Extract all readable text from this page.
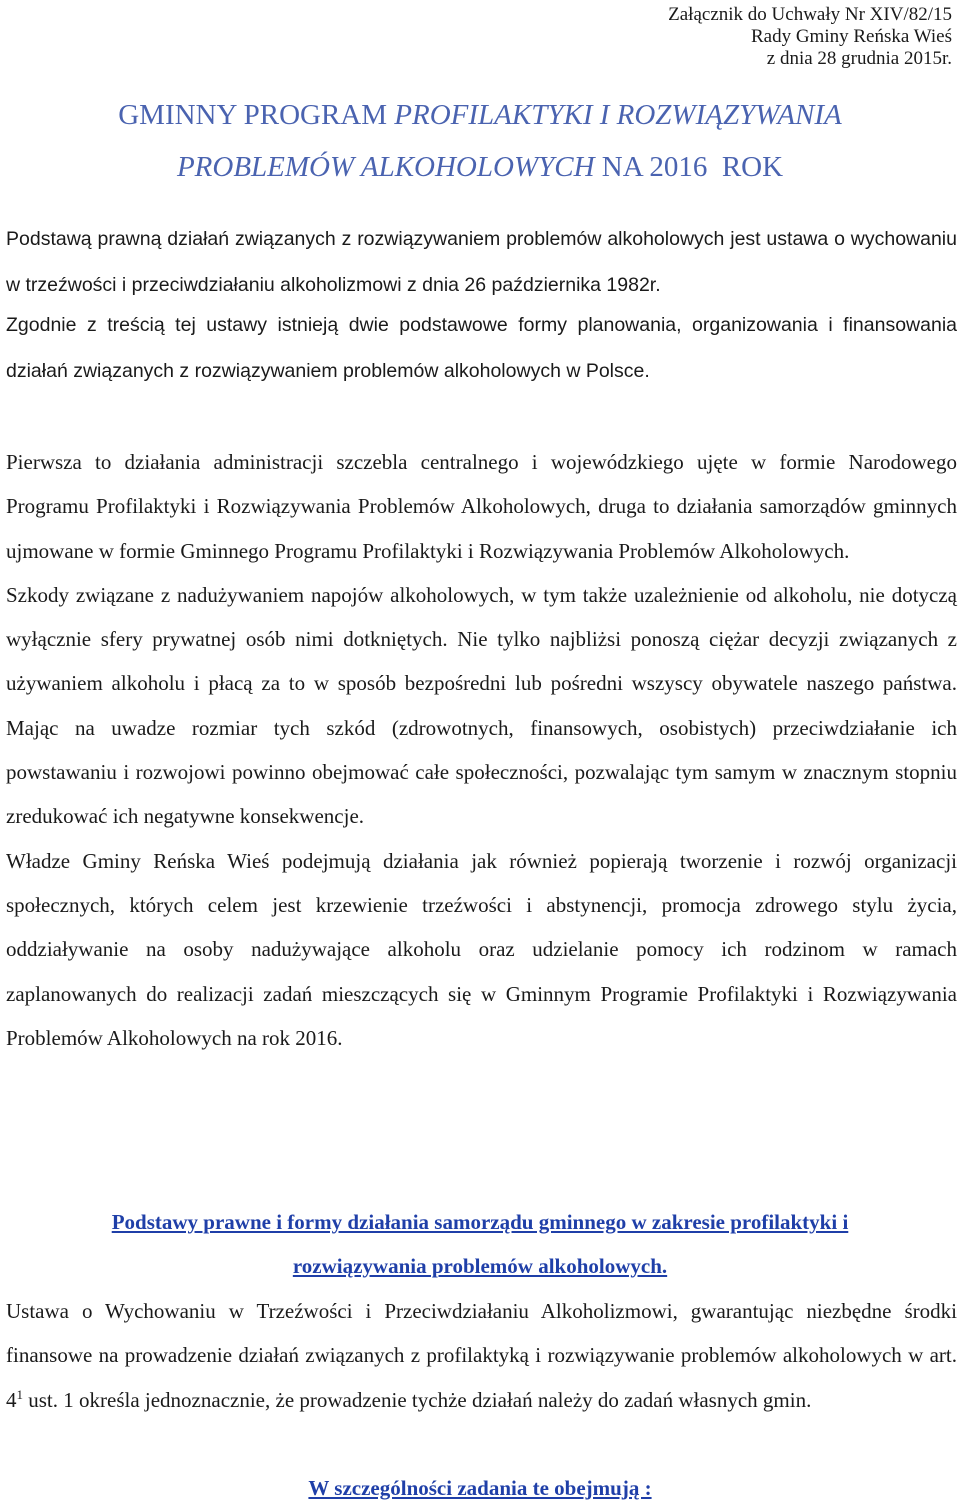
Załącznik do Uchwały Nr XIV/82/15
Rady Gminy Reńska Wieś
z dnia 28 grudnia 2015r.
GMINNY PROGRAM PROFILAKTYKI I ROZWIĄZYWANIA
PROBLEMÓW ALKOHOLOWYCH NA 2016  ROK

Podstawą prawną działań związanych z rozwiązywaniem problemów alkoholowych jest ustawa o wychowaniu w trzeźwości i przeciwdziałaniu alkoholizmowi z dnia 26 października 1982r.

Zgodnie z treścią tej ustawy istnieją dwie podstawowe formy planowania, organizowania i finansowania działań związanych z rozwiązywaniem problemów alkoholowych w Polsce.

Pierwsza to działania administracji szczebla centralnego i wojewódzkiego ujęte w formie Narodowego Programu Profilaktyki i Rozwiązywania Problemów Alkoholowych, druga to działania samorządów gminnych ujmowane w formie Gminnego Programu Profilaktyki i Rozwiązywania Problemów Alkoholowych.

Szkody związane z nadużywaniem napojów alkoholowych, w tym także uzależnienie od alkoholu, nie dotyczą wyłącznie sfery prywatnej osób nimi dotkniętych. Nie tylko najbliżsi ponoszą ciężar decyzji związanych z używaniem alkoholu i płacą za to w sposób bezpośredni lub pośredni wszyscy obywatele naszego państwa. Mając na uwadze rozmiar tych szkód (zdrowotnych, finansowych, osobistych) przeciwdziałanie ich powstawaniu i rozwojowi powinno obejmować całe społeczności, pozwalając tym samym w znacznym stopniu zredukować ich negatywne konsekwencje.

Władze Gminy Reńska Wieś podejmują działania jak również popierają tworzenie i rozwój organizacji społecznych, których celem jest krzewienie trzeźwości i abstynencji, promocja zdrowego stylu życia, oddziaływanie na osoby nadużywające alkoholu oraz udzielanie pomocy ich rodzinom w ramach zaplanowanych do realizacji zadań mieszczących się w Gminnym Programie Profilaktyki i Rozwiązywania Problemów Alkoholowych na rok 2016.

Podstawy prawne i formy działania samorządu gminnego w zakresie profilaktyki i
rozwiązywania problemów alkoholowych.

Ustawa o Wychowaniu w Trzeźwości i Przeciwdziałaniu Alkoholizmowi, gwarantując niezbędne środki finansowe na prowadzenie działań związanych z profilaktyką i rozwiązywanie problemów alkoholowych w art. $4^1$ ust. 1 określa jednoznacznie, że prowadzenie tychże działań należy do zadań własnych gmin.

W szczególności zadania te obejmują :
